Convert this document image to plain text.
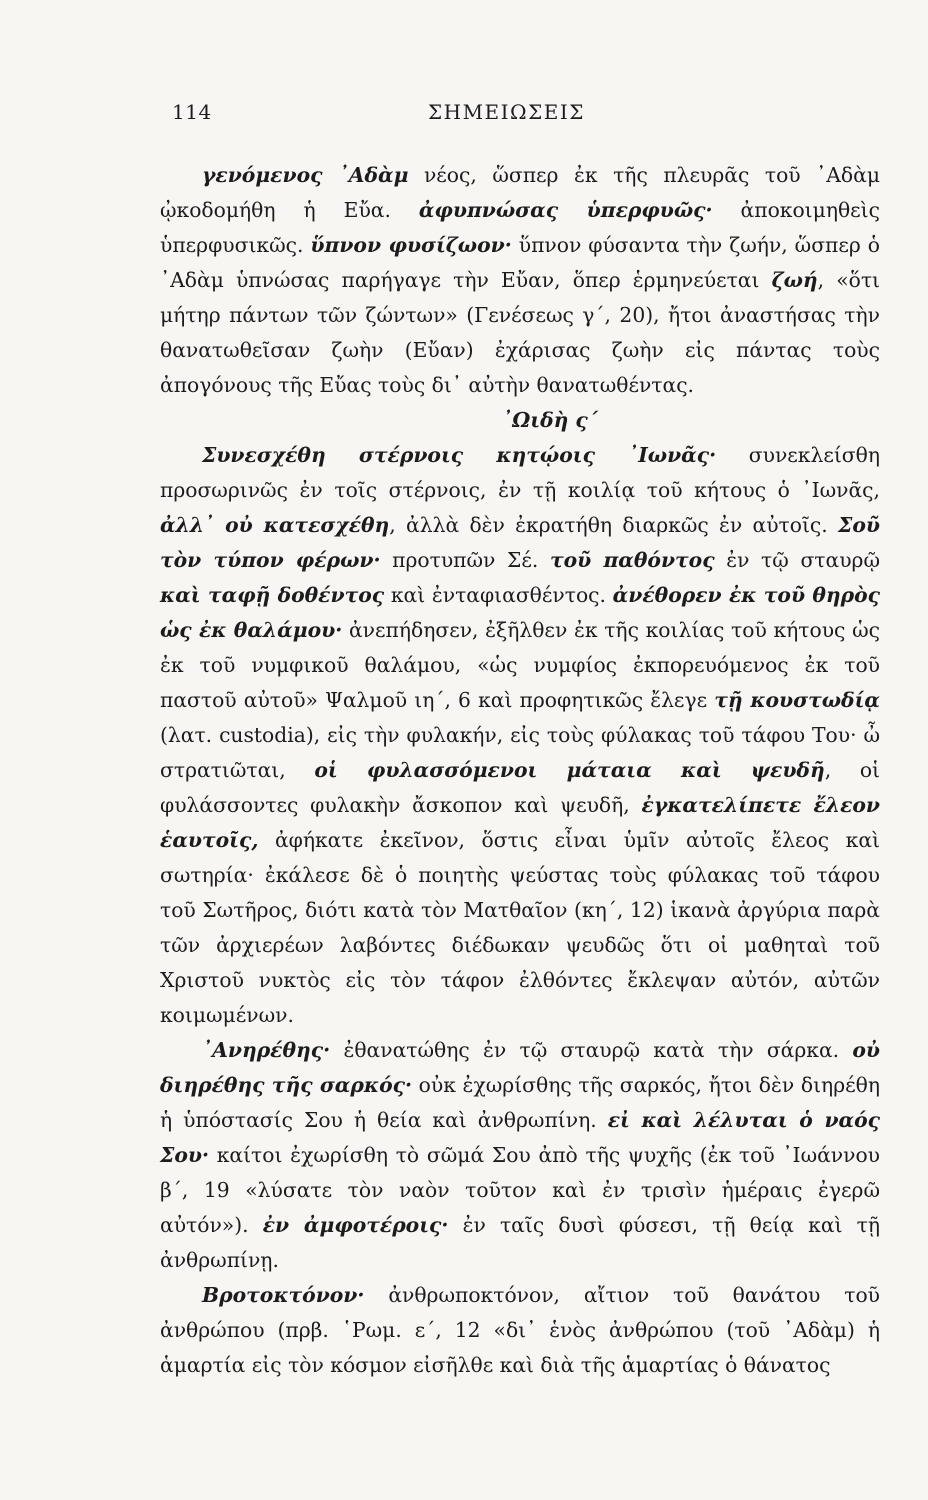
114	ΣΗΜΕΙΩΣΕΙΣ

γενόμενος ᾿Αδὰμ νέος, ὥσπερ ἐκ τῆς πλευρᾶς τοῦ ᾿Αδὰμ ᾠκοδομήθη ἡ Εὔα. ἀφυπνώσας ὑπερφυῶς· ἀποκοιμηθεὶς ὑπερφυσικῶς. ὕπνον φυσίζωον· ὕπνον φύσαντα τὴν ζωήν, ὥσπερ ὁ ᾿Αδὰμ ὑπνώσας παρήγαγε τὴν Εὔαν, ὅπερ ἑρμηνεύεται ζωή, «ὅτι μήτηρ πάντων τῶν ζώντων» (Γενέσεως γ΄, 20), ἤτοι ἀναστήσας τὴν θανατωθεῖσαν ζωὴν (Εὔαν) ἐχάρισας ζωὴν εἰς πάντας τοὺς ἀπογόνους τῆς Εὔας τοὺς δι᾿ αὐτὴν θανατωθέντας.

᾿Ωιδὴ ς΄

Συνεσχέθη στέρνοις κητῴοις ᾿Ιωνᾶς· συνεκλείσθη προσωρινῶς ἐν τοῖς στέρνοις, ἐν τῇ κοιλίᾳ τοῦ κήτους ὁ ᾿Ιωνᾶς, ἀλλ᾿ οὐ κατεσχέθη, ἀλλὰ δὲν ἐκρατήθη διαρκῶς ἐν αὐτοῖς. Σοῦ τὸν τύπον φέρων· προτυπῶν Σέ. τοῦ παθόντος ἐν τῷ σταυρῷ καὶ ταφῇ δοθέντος καὶ ἐνταφιασθέντος. ἀνέθορεν ἐκ τοῦ θηρὸς ὡς ἐκ θαλάμου· ἀνεπήδησεν, ἐξῆλθεν ἐκ τῆς κοιλίας τοῦ κήτους ὡς ἐκ τοῦ νυμφικοῦ θαλάμου, «ὡς νυμφίος ἐκπορευόμενος ἐκ τοῦ παστοῦ αὐτοῦ» Ψαλμοῦ ιη΄, 6 καὶ προφητικῶς ἔλεγε τῇ κουστωδίᾳ (λατ. custodia), εἰς τὴν φυλακήν, εἰς τοὺς φύλακας τοῦ τάφου Του· ὦ στρατιῶται, οἱ φυλασσόμενοι μάταια καὶ ψευδῆ, οἱ φυλάσσοντες φυλακὴν ἄσκοπον καὶ ψευδῆ, ἐγκατελίπετε ἔλεον ἑαυτοῖς, ἀφήκατε ἐκεῖνον, ὅστις εἶναι ὑμῖν αὐτοῖς ἔλεος καὶ σωτηρία· ἐκάλεσε δὲ ὁ ποιητὴς ψεύστας τοὺς φύλακας τοῦ τάφου τοῦ Σωτῆρος, διότι κατὰ τὸν Ματθαῖον (κη΄, 12) ἱκανὰ ἀργύρια παρὰ τῶν ἀρχιερέων λαβόντες διέδωκαν ψευδῶς ὅτι οἱ μαθηταὶ τοῦ Χριστοῦ νυκτὸς εἰς τὸν τάφον ἐλθόντες ἔκλεψαν αὐτόν, αὐτῶν κοιμωμένων.

᾿Ανηρέθης· ἐθανατώθης ἐν τῷ σταυρῷ κατὰ τὴν σάρκα. οὐ διηρέθης τῆς σαρκός· οὐκ ἐχωρίσθης τῆς σαρκός, ἤτοι δὲν διηρέθη ἡ ὑπόστασίς Σου ἡ θεία καὶ ἀνθρωπίνη. εἰ καὶ λέλυται ὁ ναός Σου· καίτοι ἐχωρίσθη τὸ σῶμά Σου ἀπὸ τῆς ψυχῆς (ἐκ τοῦ ᾿Ιωάννου β΄, 19 «λύσατε τὸν ναὸν τοῦτον καὶ ἐν τρισὶν ἡμέραις ἐγερῶ αὐτόν»). ἐν ἀμφοτέροις· ἐν ταῖς δυσὶ φύσεσι, τῇ θείᾳ καὶ τῇ ἀνθρωπίνῃ.

Βροτοκτόνον· ἀνθρωποκτόνον, αἴτιον τοῦ θανάτου τοῦ ἀνθρώπου (πρβ. ῾Ρωμ. ε΄, 12 «δι᾿ ἑνὸς ἀνθρώπου (τοῦ ᾿Αδὰμ) ἡ ἁμαρτία εἰς τὸν κόσμον εἰσῆλθε καὶ διὰ τῆς ἁμαρτίας ὁ θάνατος
